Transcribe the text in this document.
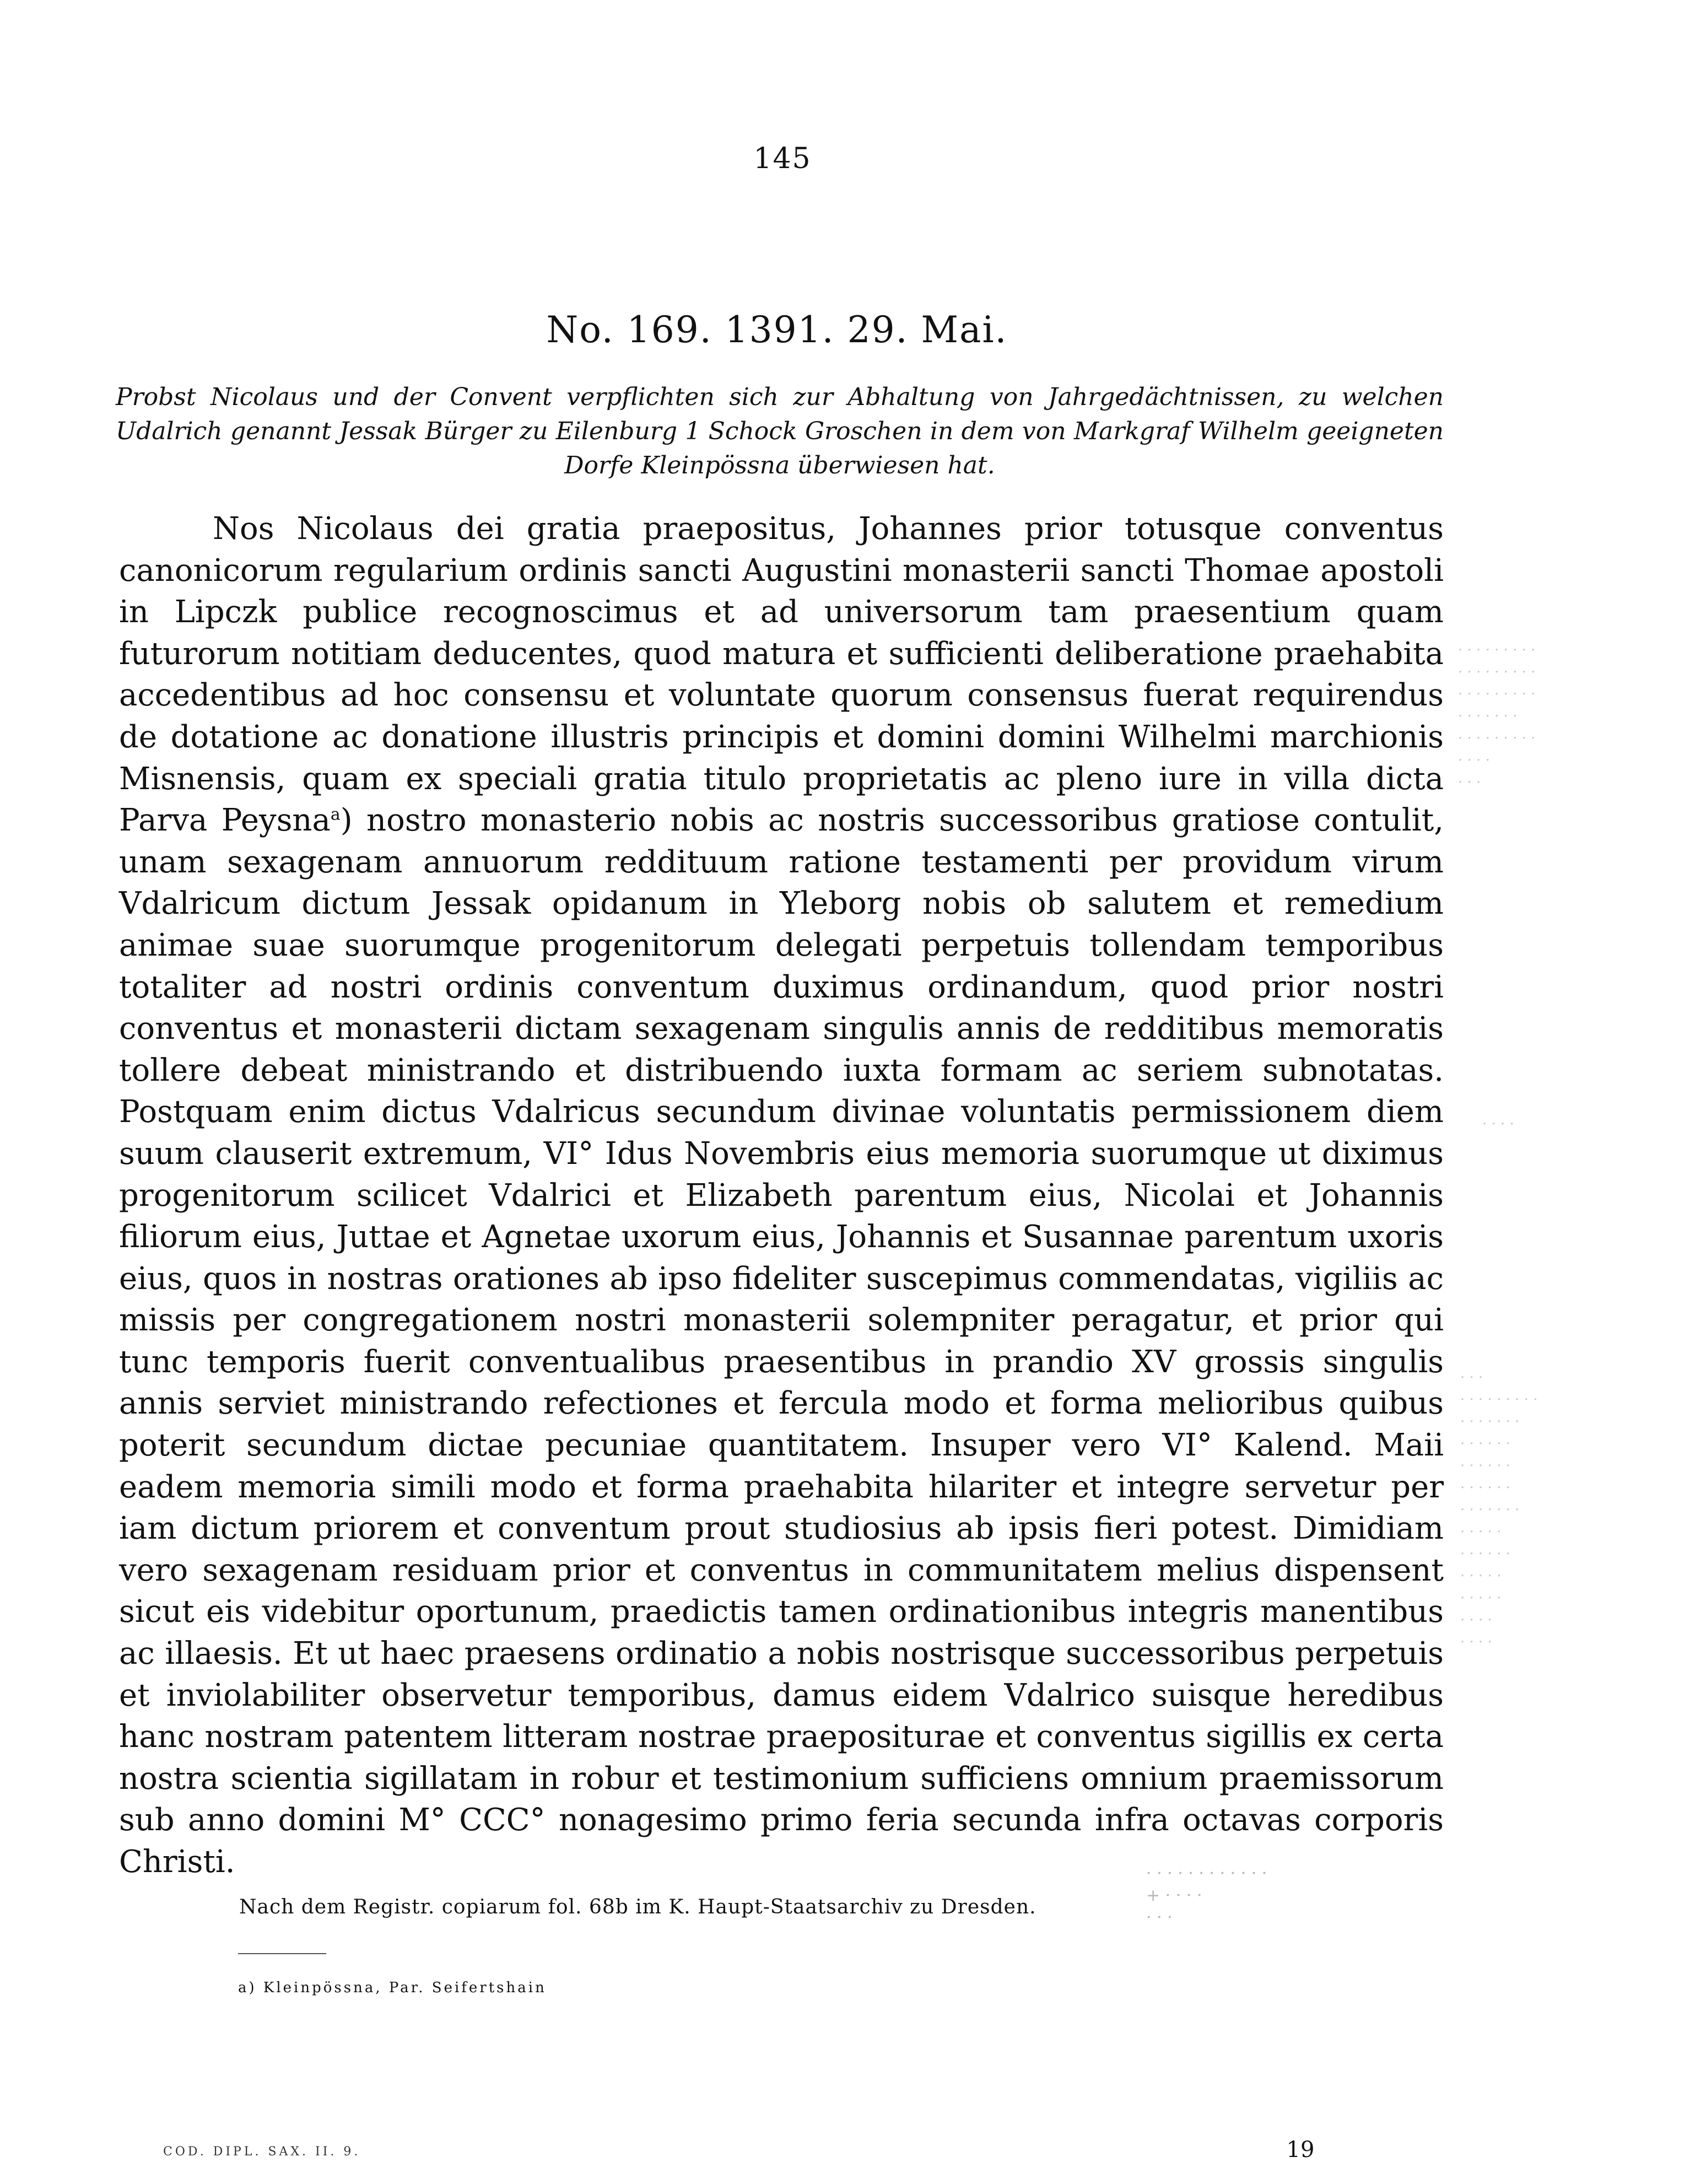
145
No. 169. 1391. 29. Mai.
Probst Nicolaus und der Convent verpflichten sich zur Abhaltung von Jahrgedächtnissen, zu welchen Udalrich genannt Jessak Bürger zu Eilenburg 1 Schock Groschen in dem von Markgraf Wilhelm geeigneten Dorfe Kleinpössna überwiesen hat.

Nos Nicolaus dei gratia praepositus, Johannes prior totusque conventus canonicorum regularium ordinis sancti Augustini monasterii sancti Thomae apostoli in Lipczk publice recognoscimus et ad universorum tam praesentium quam futurorum notitiam deducentes, quod matura et sufficienti deliberatione praehabita accedentibus ad hoc consensu et voluntate quorum consensus fuerat requirendus de dotatione ac donatione illustris principis et domini domini Wilhelmi marchionis Misnensis, quam ex speciali gratia titulo proprietatis ac pleno iure in villa dicta Parva Peysna$^a$) nostro monasterio nobis ac nostris successoribus gratiose contulit, unam sexagenam annuorum reddituum ratione testamenti per providum virum Vdalricum dictum Jessak opidanum in Yleborg nobis ob salutem et remedium animae suae suorumque progenitorum delegati perpetuis tollendam temporibus totaliter ad nostri ordinis conventum duximus ordinandum, quod prior nostri conventus et monasterii dictam sexagenam singulis annis de redditibus memoratis tollere debeat ministrando et distribuendo iuxta formam ac seriem subnotatas. Postquam enim dictus Vdalricus secundum divinae voluntatis permissionem diem suum clauserit extremum, VI° Idus Novembris eius memoria suorumque ut diximus progenitorum scilicet Vdalrici et Elizabeth parentum eius, Nicolai et Johannis filiorum eius, Juttae et Agnetae uxorum eius, Johannis et Susannae parentum uxoris eius, quos in nostras orationes ab ipso fideliter suscepimus commendatas, vigiliis ac missis per congregationem nostri monasterii solempniter peragatur, et prior qui tunc temporis fuerit conventualibus praesentibus in prandio XV grossis singulis annis serviet ministrando refectiones et fercula modo et forma melioribus quibus poterit secundum dictae pecuniae quantitatem. Insuper vero VI° Kalend. Maii eadem memoria simili modo et forma praehabita hilariter et integre servetur per iam dictum priorem et conventum prout studiosius ab ipsis fieri potest. Dimidiam vero sexagenam residuam prior et conventus in communitatem melius dispensent sicut eis videbitur oportunum, praedictis tamen ordinationibus integris manentibus ac illaesis. Et ut haec praesens ordinatio a nobis nostrisque successoribus perpetuis et inviolabiliter observetur temporibus, damus eidem Vdalrico suisque heredibus hanc nostram patentem litteram nostrae praepositurae et conventus sigillis ex certa nostra scientia sigillatam in robur et testimonium sufficiens omnium praemissorum sub anno domini M° CCC° nonagesimo primo feria secunda infra octavas corporis Christi.

· · · · · · · · ·
· · · · · · · · ·
· · · · · · · · ·
· · · · · · ·
· · · · · · · · ·
· · · ·
· · ·
· · · ·
· · ·
· · · · · · · · ·
· · · · · · ·
· · · · · ·
· · · · · ·
· · · · · ·
· · · · · · ·
· · · · ·
· · · · · ·
· · · · ·
· · · · ·
· · · ·
· · · ·
· · · · · · · · · · · ·
+ · · · ·
· · ·
Nach dem Registr. copiarum fol. 68b im K. Haupt-Staatsarchiv zu Dresden.
a) Kleinpössna, Par. Seifertshain
COD. DIPL. SAX. II. 9.	19
